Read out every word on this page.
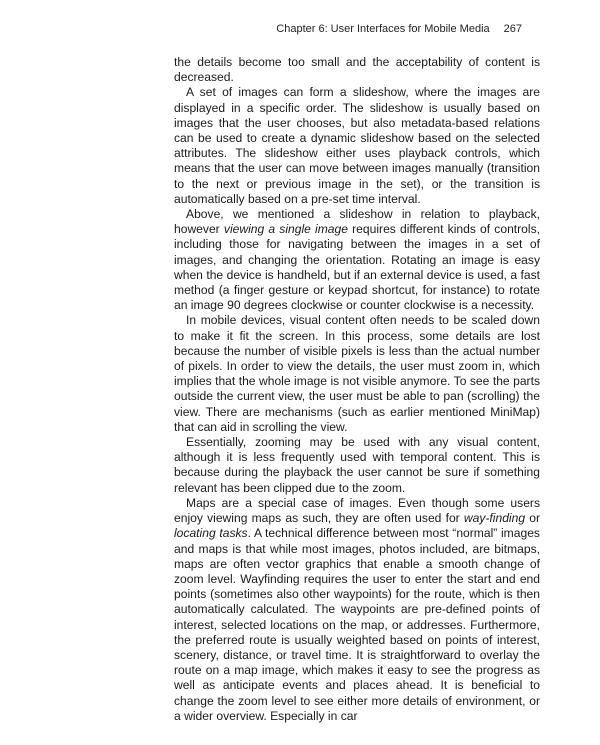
Chapter 6: User Interfaces for Mobile Media 267

the details become too small and the acceptability of content is decreased.

A set of images can form a slideshow, where the images are displayed in a specific order. The slideshow is usually based on images that the user chooses, but also metadata-based relations can be used to create a dynamic slideshow based on the selected attributes. The slideshow either uses playback controls, which means that the user can move between images manually (transition to the next or previous image in the set), or the transition is automatically based on a pre-set time interval.

Above, we mentioned a slideshow in relation to playback, however viewing a single image requires different kinds of controls, including those for navigating between the images in a set of images, and changing the orientation. Rotating an image is easy when the device is handheld, but if an external device is used, a fast method (a finger gesture or keypad shortcut, for instance) to rotate an image 90 degrees clockwise or counter clockwise is a necessity.

In mobile devices, visual content often needs to be scaled down to make it fit the screen. In this process, some details are lost because the number of visible pixels is less than the actual number of pixels. In order to view the details, the user must zoom in, which implies that the whole image is not visible anymore. To see the parts outside the current view, the user must be able to pan (scrolling) the view. There are mechanisms (such as earlier mentioned MiniMap) that can aid in scrolling the view.

Essentially, zooming may be used with any visual content, although it is less frequently used with temporal content. This is because during the playback the user cannot be sure if something relevant has been clipped due to the zoom.

Maps are a special case of images. Even though some users enjoy viewing maps as such, they are often used for way-finding or locating tasks. A technical difference between most “normal” images and maps is that while most images, photos included, are bitmaps, maps are often vector graphics that enable a smooth change of zoom level. Wayfinding requires the user to enter the start and end points (sometimes also other waypoints) for the route, which is then automatically calculated. The waypoints are pre-defined points of interest, selected locations on the map, or addresses. Furthermore, the preferred route is usually weighted based on points of interest, scenery, distance, or travel time. It is straightforward to overlay the route on a map image, which makes it easy to see the progress as well as anticipate events and places ahead. It is beneficial to change the zoom level to see either more details of environment, or a wider overview. Especially in car
